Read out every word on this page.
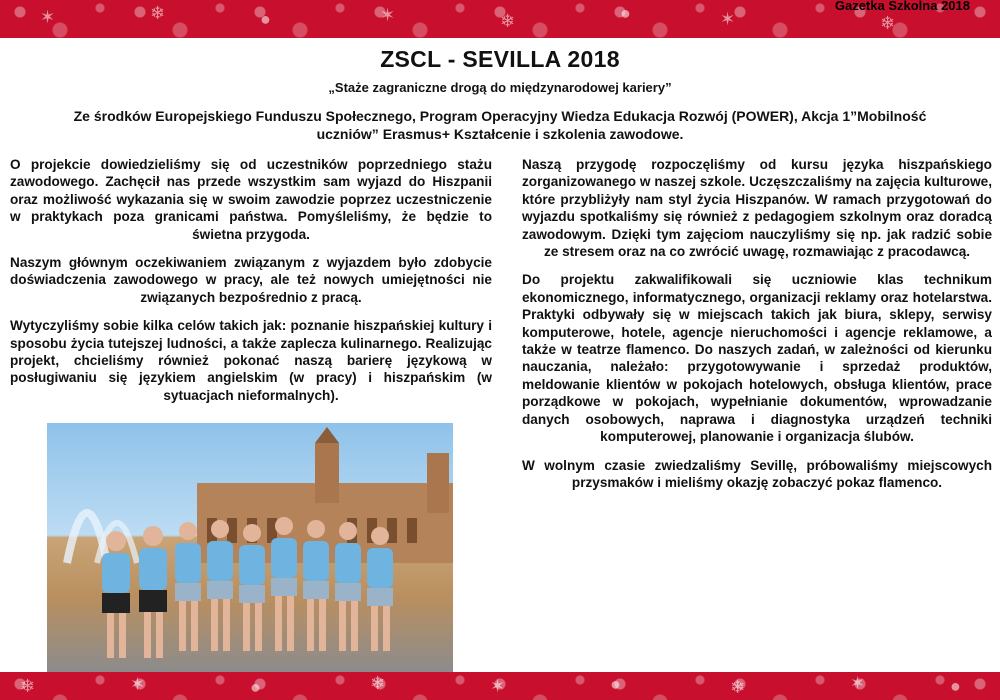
✶	❄	●	✶	❄	●	✶	❄
Gazetka Szkolna 2018
ZSCL - SEVILLA 2018
„Staże zagraniczne drogą do międzynarodowej kariery”
Ze środków Europejskiego Funduszu Społecznego, Program Operacyjny Wiedza Edukacja Rozwój (POWER), Akcja 1”Mobilność uczniów” Erasmus+ Kształcenie i szkolenia zawodowe.

O projekcie dowiedzieliśmy się od uczestników poprzedniego stażu zawodowego. Zachęcił nas przede wszystkim sam wyjazd do Hiszpanii oraz możliwość wykazania się w swoim zawodzie poprzez uczestniczenie w praktykach poza granicami państwa. Pomyśleliśmy, że będzie to świetna przygoda.

Naszym głównym oczekiwaniem związanym z wyjazdem było zdobycie doświadczenia zawodowego w pracy, ale też nowych umiejętności nie związanych bezpośrednio z pracą.

Wytyczyliśmy sobie kilka celów takich jak: poznanie hiszpańskiej kultury i sposobu życia tutejszej ludności, a także zaplecza kulinarnego. Realizując projekt, chcieliśmy również pokonać naszą barierę językową w posługiwaniu się językiem angielskim (w pracy) i hiszpańskim (w sytuacjach nieformalnych).

Naszą przygodę rozpoczęliśmy od kursu języka hiszpańskiego zorganizowanego w naszej szkole. Uczęszczaliśmy na zajęcia kulturowe, które przybliżyły nam styl życia Hiszpanów. W ramach przygotowań do wyjazdu spotkaliśmy się również z pedagogiem szkolnym oraz doradcą zawodowym. Dzięki tym zajęciom nauczyliśmy się np. jak radzić sobie ze stresem oraz na co zwrócić uwagę, rozmawiając z pracodawcą.

Do projektu zakwalifikowali się uczniowie klas technikum ekonomicznego, informatycznego, organizacji reklamy oraz hotelarstwa. Praktyki odbywały się w miejscach takich jak biura, sklepy, serwisy komputerowe, hotele, agencje nieruchomości i agencje reklamowe, a także w teatrze flamenco. Do naszych zadań, w zależności od kierunku nauczania, należało: przygotowywanie i sprzedaż produktów, meldowanie klientów w pokojach hotelowych, obsługa klientów, prace porządkowe w pokojach, wypełnianie dokumentów, wprowadzanie danych osobowych, naprawa i diagnostyka urządzeń techniki komputerowej, planowanie i organizacja ślubów.

W wolnym czasie zwiedzaliśmy Sevillę, próbowaliśmy miejscowych przysmaków i mieliśmy okazję zobaczyć pokaz flamenco.

❄	✶	●	❄	✶	●	❄	✶	●
